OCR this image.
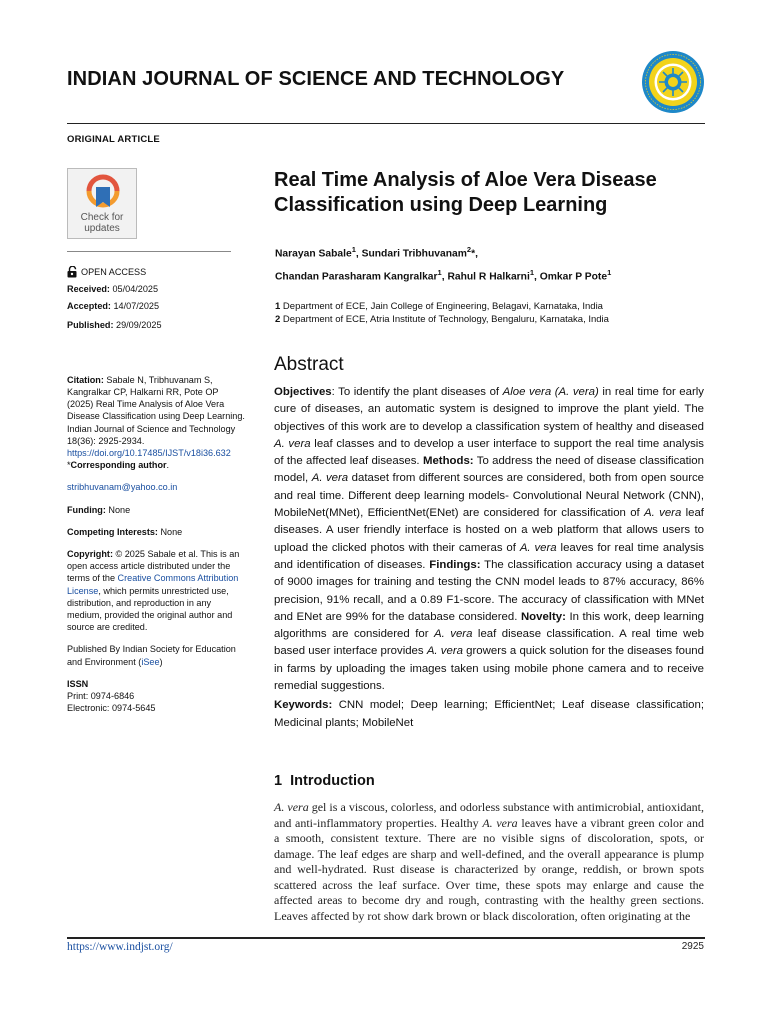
INDIAN JOURNAL OF SCIENCE AND TECHNOLOGY
ORIGINAL ARTICLE
Check for
updates
OPEN ACCESS

Received: 05/04/2025

Accepted: 14/07/2025

Published: 29/09/2025

Citation: Sabale N, Tribhuvanam S, Kangralkar CP, Halkarni RR, Pote OP (2025) Real Time Analysis of Aloe Vera Disease Classification using Deep Learning. Indian Journal of Science and Technology 18(36): 2925-2934. https://doi.org/10.17485/IJST/v18i36.632

*Corresponding author.

stribhuvanam@yahoo.co.in

Funding: None

Competing Interests: None

Copyright: © 2025 Sabale et al. This is an open access article distributed under the terms of the Creative Commons Attribution License, which permits unrestricted use, distribution, and reproduction in any medium, provided the original author and source are credited.

Published By Indian Society for Education and Environment (iSee)

ISSN

Print: 0974-6846

Electronic: 0974-5645

Real Time Analysis of Aloe Vera Disease Classification using Deep Learning
Narayan Sabale$^1$, Sundari Tribhuvanam$^2$*,
Chandan Parasharam Kangralkar$^1$, Rahul R Halkarni$^1$, Omkar P Pote$^1$
1 Department of ECE, Jain College of Engineering, Belagavi, Karnataka, India
2 Department of ECE, Atria Institute of Technology, Bengaluru, Karnataka, India
Abstract

Objectives: To identify the plant diseases of Aloe vera (A. vera) in real time for early cure of diseases, an automatic system is designed to improve the plant yield. The objectives of this work are to develop a classification system of healthy and diseased A. vera leaf classes and to develop a user interface to support the real time analysis of the affected leaf diseases. Methods: To address the need of disease classification model, A. vera dataset from different sources are considered, both from open source and real time. Different deep learning models- Convolutional Neural Network (CNN), MobileNet(MNet), EfficientNet(ENet) are considered for classification of A. vera leaf diseases. A user friendly interface is hosted on a web platform that allows users to upload the clicked photos with their cameras of A. vera leaves for real time analysis and identification of diseases. Findings: The classification accuracy using a dataset of 9000 images for training and testing the CNN model leads to 87% accuracy, 86% precision, 91% recall, and a 0.89 F1-score. The accuracy of classification with MNet and ENet are 99% for the database considered. Novelty: In this work, deep learning algorithms are considered for A. vera leaf disease classification. A real time web based user interface provides A. vera growers a quick solution for the diseases found in farms by uploading the images taken using mobile phone camera and to receive remedial suggestions.

Keywords: CNN model; Deep learning; EfficientNet; Leaf disease classification; Medicinal plants; MobileNet

1 Introduction
A. vera gel is a viscous, colorless, and odorless substance with antimicrobial, antioxidant, and anti-inflammatory properties. Healthy A. vera leaves have a vibrant green color and a smooth, consistent texture. There are no visible signs of discoloration, spots, or damage. The leaf edges are sharp and well-defined, and the overall appearance is plump and well-hydrated. Rust disease is characterized by orange, reddish, or brown spots scattered across the leaf surface. Over time, these spots may enlarge and cause the affected areas to become dry and rough, contrasting with the healthy green sections. Leaves affected by rot show dark brown or black discoloration, often originating at the
https://www.indjst.org/	2925
